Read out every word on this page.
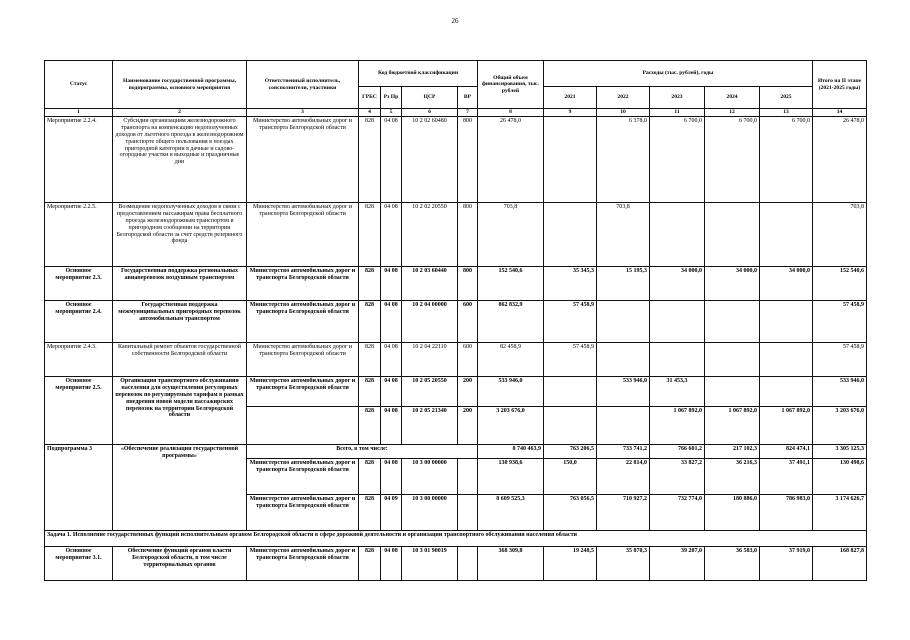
26
Статус	Наименование государственной программы, подпрограммы, основного мероприятия	Ответственный исполнитель, соисполнители, участники	Код бюджетной классификации				Общий объем финансирования, тыс. рублей	Расходы (тыс. рублей), годы					Итого на II этапе (2021-2025 годы)
			ГРБС	Рз Пр	ЦСР	ВР		2021	2022	2023	2024	2025	
1	2	3	4	5	6	7	8	9	10	11	12	13	14
Мероприятие 2.2.4.	Субсидии организациям железнодорожного транспорта на компенсацию недополученных доходов от льготного проезда в железнодорожном транспорте общего пользования в поездах пригородной категории в дачные и садово-огородные участки в выходные и праздничные дни	Министерство автомобильных дорог и транспорта Белгородской области	828	04 08	10 2 02 60480	800	26 478,0		6 378,0	6 700,0	6 700,0	6 700,0	26 478,0
Мероприятие 2.2.5.	Возмещение недополученных доходов в связи с предоставлением пассажирам права бесплатного проезда железнодорожным транспортом в пригородном сообщении на территории Белгородской области за счет средств резервного фонда	Министерство автомобильных дорог и транспорта Белгородской области	828	04 08	10 2 02 20550	800	703,8		703,8				703,8
Основное мероприятие 2.3.	Государственная поддержка региональных авиаперевозок воздушным транспортом	Министерство автомобильных дорог и транспорта Белгородской области	828	04 08	10 2 03 60440	800	152 540,6	35 345,3	15 195,3	34 000,0	34 000,0	34 000,0	152 540,6
Основное мероприятие 2.4.	Государственная поддержка межмуниципальных пригородных перевозок автомобильным транспортом	Министерство автомобильных дорог и транспорта Белгородской области	828	04 08	10 2 04 00000	600	862 832,9	57 458,9					57 458,9
Мероприятие 2.4.3.	Капитальный ремонт объектов государственной собственности Белгородской области	Министерство автомобильных дорог и транспорта Белгородской области	828	04 08	10 2 04 22110	600	82 458,9	57 458,9					57 458,9
Основное мероприятие 2.5.	Организация транспортного обслуживания населения для осуществления регулярных перевозок по регулируемым тарифам в рамках внедрения новой модели пассажирских перевозок на территории Белгородской области	Министерство автомобильных дорог и транспорта Белгородской области	828	04 08	10 2 05 20550	200	533 946,0		533 946,0	31 453,3			533 946,0
			828	04 08	10 2 05 21340	200	3 203 676,0			1 067 892,0	1 067 892,0	1 067 892,0	3 203 676,0
Подпрограмма 3	«Обеспечение реализации государственной программы»	Всего, в том числе:					8 740 463,9	763 206,5	733 741,2	766 601,2	217 102,3	824 474,1	3 305 125,3
		Министерство автомобильных дорог и транспорта Белгородской области	828	04 08	10 3 00 00000		130 938,6	150,0	22 814,0	33 827,2	36 216,3	37 491,1	130 498,6
		Министерство автомобильных дорог и транспорта Белгородской области	828	04 09	10 3 00 00000		8 609 525,3	763 056,5	710 927,2	732 774,0	180 886,0	786 983,0	3 174 626,7
Задача 1. Исполнение государственных функций исполнительным органом Белгородской области в сфере дорожной деятельности и организации транспортного обслуживания населения области													
Основное мероприятие 3.1.	Обеспечение функций органов власти Белгородской области, в том числе территориальных органов	Министерство автомобильных дорог и транспорта Белгородской области	828	04 08	10 3 01 90019		368 309,8	19 248,5	35 870,3	39 207,0	36 583,0	37 919,0	168 827,8
